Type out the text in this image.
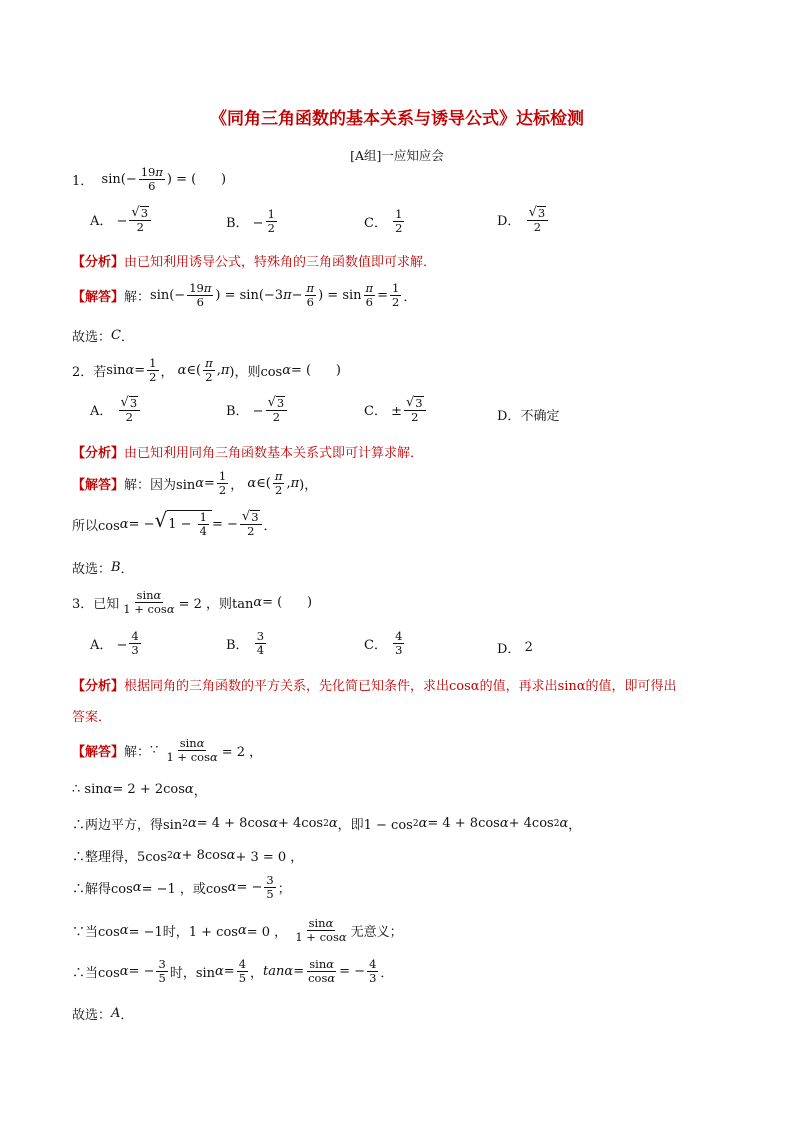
《同角三角函数的基本关系与诱导公式》达标检测
[A组]一应知应会
1． $\sin(- \frac{19\pi}{6}$ ) = (      )
A． − $\frac{√ 3}{2}$	B． − $\frac{1}{2}$	C． $\frac{1}{2}$	D． $\frac{√ 3}{2}$
【分析】 由已知利用诱导公式，特殊角的三角函数值即可求解．
【解答】 解： $\sin(- \frac{19\pi}{6}$ ) = sin(−3 $\pi - \frac{\pi}{6}$ ) = $\sin \frac{\pi}{6} = \frac{1}{2}$ ．
故选： C ．
2．若 $\sin \alpha = \frac{1}{2}$ ， α ∈( $\frac{\pi}{2}$ , π )，则cos α = (      )
A． $\frac{√ 3}{2}$	B． − $\frac{√ 3}{2}$	C． ± $\frac{√ 3}{2}$	D． 不确定
【分析】 由已知利用同角三角函数基本关系式即可计算求解．
【解答】 解： 因为$\sin \alpha = \frac{1}{2}$ ， α ∈( $\frac{\pi}{2}$ , π )，
所以cos α = − √ $1 - \frac{1}{4}$ = − $\frac{√ 3}{2}$ ．
故选： B ．
3．已知 $\frac{\sin\alpha}{1 + \cos\alpha} = 2$ ，则tan α = (      )
A． − $\frac{4}{3}$	B． $\frac{3}{4}$	C． $\frac{4}{3}$	D． 2
【分析】 根据同角的三角函数的平方关系，先化简已知条件，求出cosα的值，再求出sinα的值，即可得出
答案．
【解答】 解： ∵ $\frac{\sin\alpha}{1 + \cos\alpha} = 2$ ，
∴ sin α = 2 + 2cos α ，
∴两边平方，得sin 2 α = 4 + 8cos α + 4cos 2 α ，即1 − cos 2 α = 4 + 8cos α + 4cos 2 α ，
∴整理得，5cos 2 α + 8cos α + 3 = 0 ，
∴解得cos α = −1 ，或cos α = − $\frac{3}{5}$ ；
∵当cos α = −1时，1 + cos α = 0 ， $\frac{\sin\alpha}{1 + \cos\alpha}$ 无意义；
∴当cos α = − $\frac{3}{5}$ 时，$\sin \alpha = \frac{4}{5}$ ， $\tan \alpha = \frac{\sin\alpha}{\cos\alpha}$ = − $\frac{4}{3}$ ．
故选： A ．
